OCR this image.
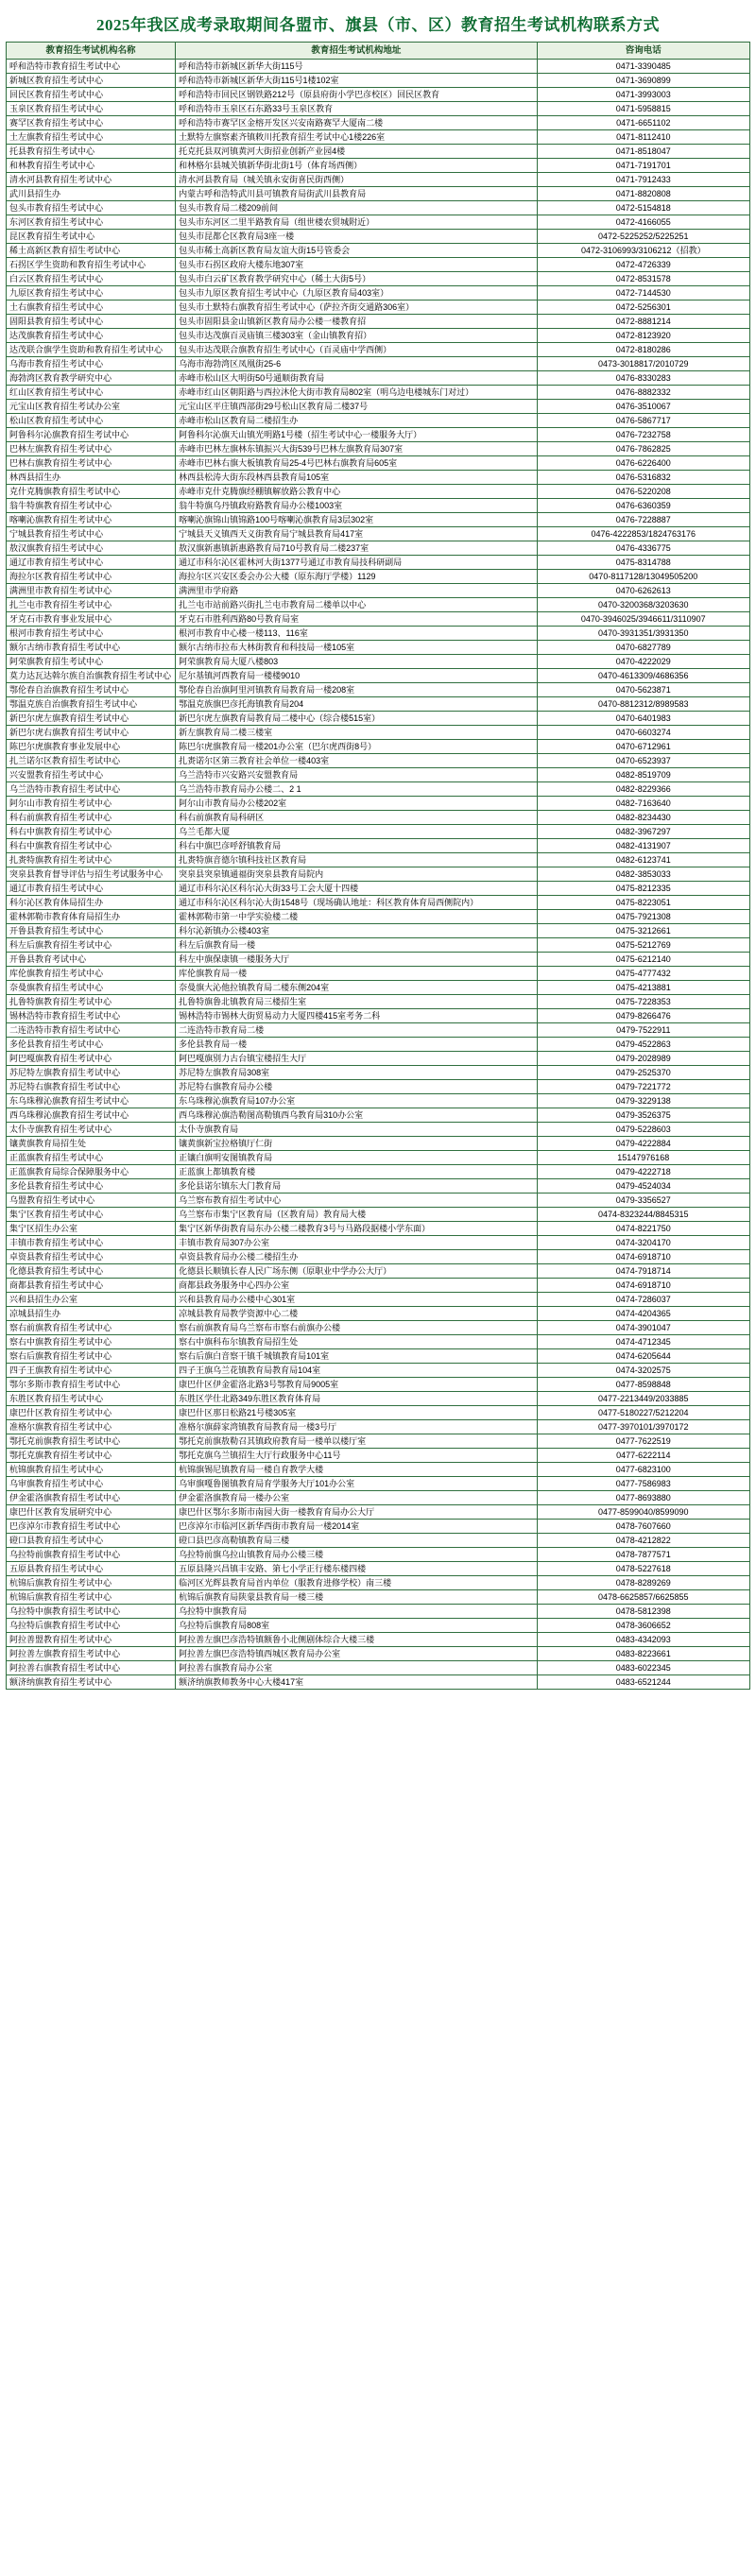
2025年我区成考录取期间各盟市、旗县（市、区）教育招生考试机构联系方式
教育招生考试机构名称	教育招生考试机构地址	咨询电话
呼和浩特市教育招生考试中心	呼和浩特市新城区新华大街115号	0471-3390485
新城区教育招生考试中心	呼和浩特市新城区新华大街115号1楼102室	0471-3690899
回民区教育招生考试中心	呼和浩特市回民区钢铁路212号（原县府街小学巴彦校区）回民区教育	0471-3993003
玉泉区教育招生考试中心	呼和浩特市玉泉区石东路33号玉泉区教育	0471-5958815
赛罕区教育招生考试中心	呼和浩特市赛罕区金榕开发区兴安南路赛罕大厦南二楼	0471-6651102
土左旗教育招生考试中心	土默特左旗察素齐镇敕川托教育招生考试中心1楼226室	0471-8112410
托县教育招生考试中心	托克托县双河镇黄河大街招业创新产业园4楼	0471-8518047
和林教育招生考试中心	和林格尔县城关镇新华街北街1号（体育场西侧）	0471-7191701
清水河县教育招生考试中心	清水河县教育局（城关镇永安街喜民街西侧）	0471-7912433
武川县招生办	内蒙古呼和浩特武川县可镇教育局街武川县教育局	0471-8820808
包头市教育招生考试中心	包头市教育局二楼209前间	0472-5154818
东河区教育招生考试中心	包头市东河区二里半路教育局（组世楼农贸城附近）	0472-4166055
昆区教育招生考试中心	包头市昆都仑区教育局3座一楼	0472-5225252/5225251
稀土高新区教育招生考试中心	包头市稀土高新区教育局友谊大街15号管委会	0472-3106993/3106212（招教）
石拐区学生资助和教育招生考试中心	包头市石拐区政府大楼东地307室	0472-4726339
白云区教育招生考试中心	包头市白云矿区教育教学研究中心（稀土大街5号）	0472-8531578
九原区教育招生考试中心	包头市九原区教育招生考试中心（九原区教育局403室）	0472-7144530
土右旗教育招生考试中心	包头市土默特右旗教育招生考试中心（萨拉齐街交通路306室）	0472-5256301
固阳县教育招生考试中心	包头市固阳县金山镇新区教育局办公楼一楼教育招	0472-8881214
达茂旗教育招生考试中心	包头市达茂旗百灵庙镇三楼303室（金山镇教育招）	0472-8123920
达茂联合旗学生资助和教育招生考试中心	包头市达茂联合旗教育招生考试中心（百灵庙中学西侧）	0472-8180286
乌海市教育招生考试中心	乌海市海勃湾区凤凰街25-6	0473-3018817/2010729
海勃湾区教育教学研究中心	赤峰市松山区大明街50号通顺街教育局	0476-8330283
红山区教育招生考试中心	赤峰市红山区朝阳路与西拉沐伦大街市教育局802室（明乌边电楼城东门对过）	0476-8882332
元宝山区教育招生考试办公室	元宝山区平庄镇西部街29号松山区教育局二楼37号	0476-3510067
松山区教育招生考试中心	赤峰市松山区教育局二楼招生办	0476-5867717
阿鲁科尔沁旗教育招生考试中心	阿鲁科尔沁旗天山镇光明路1号楼（招生考试中心一楼服务大厅）	0476-7232758
巴林左旗教育招生考试中心	赤峰市巴林左旗林东镇振兴大街539号巴林左旗教育局307室	0476-7862825
巴林右旗教育招生考试中心	赤峰市巴林右旗大板镇教育局25-4号巴林右旗教育局605室	0476-6226400
林西县招生办	林西县松涛大街东段林西县教育局105室	0476-5316832
克什克腾旗教育招生考试中心	赤峰市克什克腾旗经棚镇解放路公教育中心	0476-5220208
翁牛特旗教育招生考试中心	翁牛特旗乌丹镇政府路教育局办公楼1003室	0476-6360359
喀喇沁旗教育招生考试中心	喀喇沁旗锦山镇锦路100号喀喇沁旗教育局3层302室	0476-7228887
宁城县教育招生考试中心	宁城县天义镇西天义街教育局宁城县教育局417室	0476-4222853/1824763176
敖汉旗教育招生考试中心	敖汉旗新惠镇新惠路教育局710号教育局二楼237室	0476-4336775
通辽市教育招生考试中心	通辽市科尔沁区霍林河大街1377号通辽市教育局技科研副局	0475-8314788
海拉尔区教育招生考试中心	海拉尔区兴安区委会办公大楼（原东海厅学楼）1129	0470-8117128/13049505200
满洲里市教育招生考试中心	满洲里市学府路	0470-6262613
扎兰屯市教育招生考试中心	扎兰屯市站前路兴街扎兰屯市教育局二楼单以中心	0470-3200368/3203630
牙克石市教育事业发展中心	牙克石市胜利西路80号教育局室	0470-3946025/3946611/3110907
根河市教育招生考试中心	根河市教育中心楼一楼113、116室	0470-3931351/3931350
额尔古纳市教育招生考试中心	额尔古纳市拉布大林街教育和科技局一楼105室	0470-6827789
阿荣旗教育招生考试中心	阿荣旗教育局大厦八楼803	0470-4222029
莫力达瓦达斡尔族自治旗教育招生考试中心	尼尔基镇河西教育局一楼楼9010	0470-4613309/4686356
鄂伦春自治旗教育招生考试中心	鄂伦春自治旗阿里河镇教育局教育局一楼208室	0470-5623871
鄂温克族自治旗教育招生考试中心	鄂温克族旗巴彦托海镇教育局204	0470-8812312/8989583
新巴尔虎左旗教育招生考试中心	新巴尔虎左旗教育局教育局二楼中心（综合楼515室）	0470-6401983
新巴尔虎右旗教育招生考试中心	新左旗教育局二楼三楼室	0470-6603274
陈巴尔虎旗教育事业发展中心	陈巴尔虎旗教育局一楼201办公室（巴尔虎西街8号）	0470-6712961
扎兰诺尔区教育招生考试中心	扎赉诺尔区第三教育社会单位一楼403室	0470-6523937
兴安盟教育招生考试中心	乌兰浩特市兴安路兴安盟教育局	0482-8519709
乌兰浩特市教育招生考试中心	乌兰浩特市教育局办公楼二、2 1	0482-8229366
阿尔山市教育招生考试中心	阿尔山市教育局办公楼202室	0482-7163640
科右前旗教育招生考试中心	科右前旗教育局科研区	0482-8234430
科右中旗教育招生考试中心	乌兰毛都大厦	0482-3967297
科右中旗教育招生考试中心	科右中旗巴彦呼舒镇教育局	0482-4131907
扎赉特旗教育招生考试中心	扎赉特旗音德尔镇科技社区教育局	0482-6123741
突泉县教育督导评估与招生考试服务中心	突泉县突泉镇通福街突泉县教育局院内	0482-3853033
通辽市教育招生考试中心	通辽市科尔沁区科尔沁大街33号工会大厦十四楼	0475-8212335
科尔沁区教育体局招生办	通辽市科尔沁区科尔沁大街1548号（现场确认地址：科区教育体育局西侧院内）	0475-8223051
霍林郭勒市教育体育局招生办	霍林郭勒市第一中学实验楼二楼	0475-7921308
开鲁县教育招生考试中心	科尔沁新镇办公楼403室	0475-3212661
科左后旗教育招生考试中心	科左后旗教育局一楼	0475-5212769
开鲁县教育考试中心	科左中旗保康镇一楼服务大厅	0475-6212140
库伦旗教育招生考试中心	库伦旗教育局一楼	0475-4777432
奈曼旗教育招生考试中心	奈曼旗大沁他拉镇教育局二楼东侧204室	0475-4213881
扎鲁特旗教育招生考试中心	扎鲁特旗鲁北镇教育局三楼招生室	0475-7228353
锡林浩特市教育招生考试中心	锡林浩特市锡林大街贸易动力大厦四楼415室考务二科	0479-8266476
二连浩特市教育招生考试中心	二连浩特市教育局二楼	0479-7522911
多伦县教育招生考试中心	多伦县教育局一楼	0479-4522863
阿巴嘎旗教育招生考试中心	阿巴嘎旗别力古台镇宝楼招生大厅	0479-2028989
苏尼特左旗教育招生考试中心	苏尼特左旗教育局308室	0479-2525370
苏尼特右旗教育招生考试中心	苏尼特右旗教育局办公楼	0479-7221772
东乌珠穆沁旗教育招生考试中心	东乌珠穆沁旗教育局107办公室	0479-3229138
西乌珠穆沁旗教育招生考试中心	西乌珠穆沁旗浩勒图高勒镇西乌教育局310办公室	0479-3526375
太仆寺旗教育招生考试中心	太仆寺旗教育局	0479-5228603
镶黄旗教育局招生处	镶黄旗新宝拉格镇厅仁街	0479-4222884
正蓝旗教育招生考试中心	正镶白旗明安图镇教育局	15147976168
正蓝旗教育局综合保障服务中心	正蓝旗上都镇教育楼	0479-4222718
多伦县教育招生考试中心	多伦县诺尔镇东大门教育局	0479-4524034
乌盟教育招生考试中心	乌兰察布教育招生考试中心	0479-3356527
集宁区教育招生考试中心	乌兰察布市集宁区教育局（区教育局）教育局大楼	0474-8323244/8845315
集宁区招生办公室	集宁区新华街教育局东办公楼二楼教育3号与马路段据楼小学东面）	0474-8221750
丰镇市教育招生考试中心	丰镇市教育局307办公室	0474-3204170
卓资县教育招生考试中心	卓资县教育局办公楼二楼招生办	0474-6918710
化德县教育招生考试中心	化德县长顺镇长春人民广场东侧（原职业中学办公大厅）	0474-7918714
商都县教育招生考试中心	商都县政务服务中心四办公室	0474-6918710
兴和县招生办公室	兴和县教育局办公楼中心301室	0474-7286037
凉城县招生办	凉城县教育局教学资源中心二楼	0474-4204365
察右前旗教育招生考试中心	察右前旗教育局乌兰察布市察右前旗办公楼	0474-3901047
察右中旗教育招生考试中心	察右中旗科布尔镇教育局招生处	0474-4712345
察右后旗教育招生考试中心	察右后旗白音察干镇千城镇教育局101室	0474-6205644
四子王旗教育招生考试中心	四子王旗乌兰花镇教育局教育局104室	0474-3202575
鄂尔多斯市教育招生考试中心	康巴什区伊金霍洛北路3号鄂教育局9005室	0477-8598848
东胜区教育招生考试中心	东胜区学仕北路349东胜区教育体育局	0477-2213449/2033885
康巴什区教育招生考试中心	康巴什区那日松路21号楼305室	0477-5180227/5212204
准格尔旗教育招生考试中心	准格尔旗薛家湾镇教育局教育局一楼3号厅	0477-3970101/3970172
鄂托克前旗教育招生考试中心	鄂托克前旗敖勒召其镇政府教育局一楼单以楼厅室	0477-7622519
鄂托克旗教育招生考试中心	鄂托克旗乌兰镇招生大厅行政服务中心11号	0477-6222114
杭锦旗教育招生考试中心	杭锦旗锡尼镇教育局一楼自育教学大楼	0477-6823100
乌审旗教育招生考试中心	乌审旗嘎鲁图镇教育局育学服务大厅101办公室	0477-7586983
伊金霍洛旗教育招生考试中心	伊金霍洛旗教育局一楼办公室	0477-8693880
康巴什区教育发展研究中心	康巴什区鄂尔多斯市南园大街一楼教育育局办公大厅	0477-8599040/8599090
巴彦淖尔市教育招生考试中心	巴彦淖尔市临河区新华西街市教育局一楼2014室	0478-7607660
磴口县教育招生考试中心	磴口县巴彦高勒镇教育局三楼	0478-4212822
乌拉特前旗教育招生考试中心	乌拉特前旗乌拉山镇教育局办公楼三楼	0478-7877571
五原县教育招生考试中心	五原县隆兴昌镇丰安路、第七小学正行楼东楼四楼	0478-5227618
杭锦后旗教育招生考试中心	临河区光辉县教育局首内单位（服教育进修学校）南三楼	0478-8289269
杭锦后旗教育招生考试中心	杭锦后旗教育局陕蒙县教育局一楼三楼	0478-6625857/6625855
乌拉特中旗教育招生考试中心	乌拉特中旗教育局	0478-5812398
乌拉特后旗教育招生考试中心	乌拉特后旗教育局808室	0478-3606652
阿拉善盟教育招生考试中心	阿拉善左旗巴彦浩特镇额鲁小北侧剧体综合大楼三楼	0483-4342093
阿拉善左旗教育招生考试中心	阿拉善左旗巴彦浩特镇西城区教育局办公室	0483-8223661
阿拉善右旗教育招生考试中心	阿拉善右旗教育局办公室	0483-6022345
额济纳旗教育招生考试中心	额济纳旗教师教务中心大楼417室	0483-6521244
